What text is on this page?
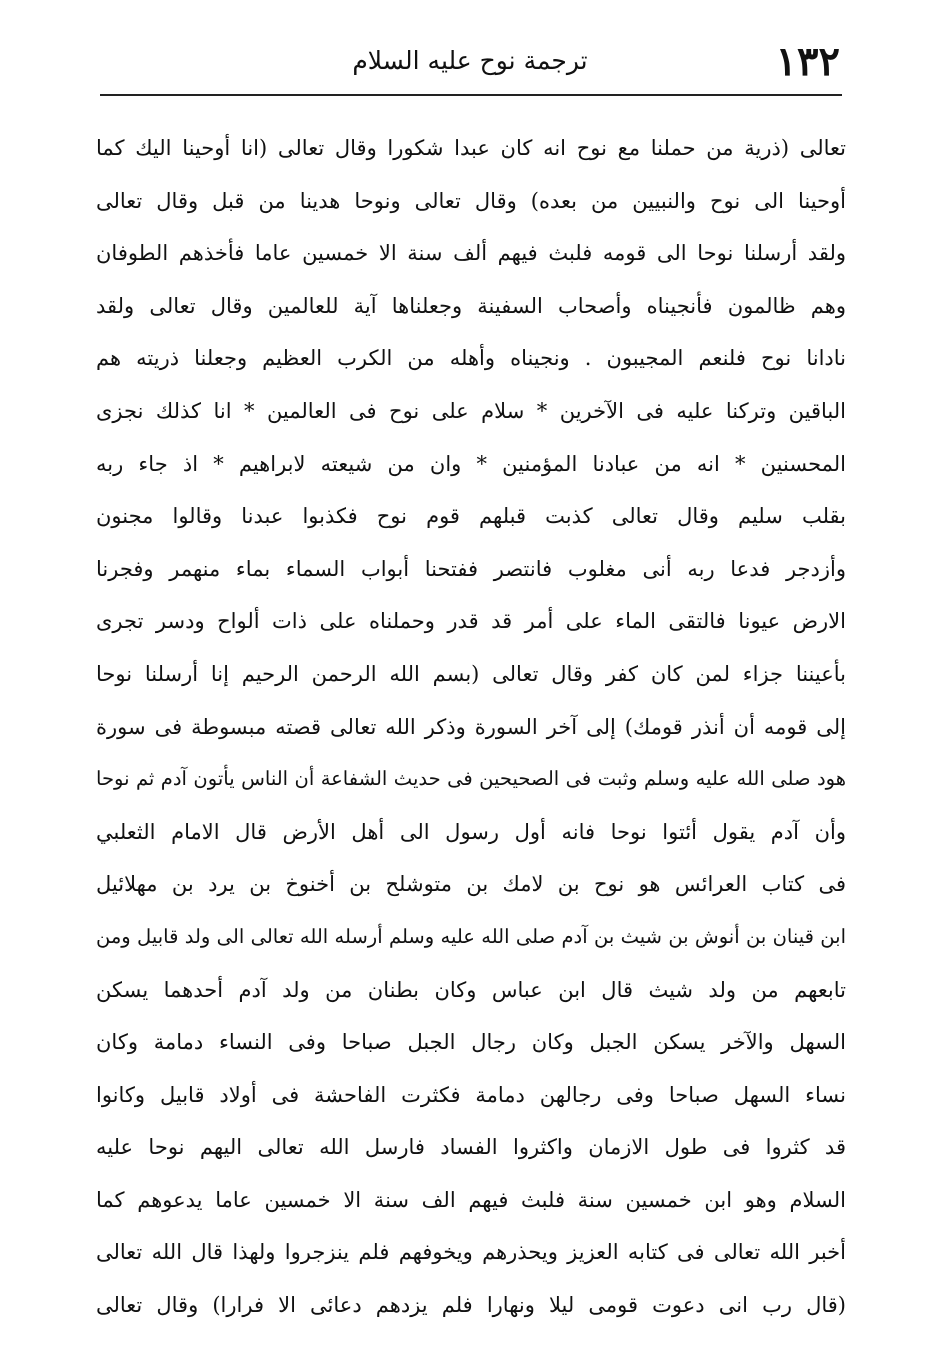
١٣٢
ترجمة نوح عليه السلام
تعالى (ذرية من حملنا مع نوح انه كان عبدا شكورا وقال تعالى (انا أوحينا اليك كما
أوحينا الى نوح والنبيين من بعده) وقال تعالى ونوحا هدينا من قبل وقال تعالى
ولقد أرسلنا نوحا الى قومه فلبث فيهم ألف سنة الا خمسين عاما فأخذهم الطوفان
وهم ظالمون فأنجيناه وأصحاب السفينة وجعلناها آية للعالمين وقال تعالى ولقد
نادانا نوح فلنعم المجيبون . ونجيناه وأهله من الكرب العظيم وجعلنا ذريته هم
الباقين وتركنا عليه فى الآخرين * سلام على نوح فى العالمين * انا كذلك نجزى
المحسنين * انه من عبادنا المؤمنين * وان من شيعته لابراهيم * اذ جاء ربه
بقلب سليم وقال تعالى كذبت قبلهم قوم نوح فكذبوا عبدنا وقالوا مجنون
وأزدجر فدعا ربه أنى مغلوب فانتصر ففتحنا أبواب السماء بماء منهمر وفجرنا
الارض عيونا فالتقى الماء على أمر قد قدر وحملناه على ذات ألواح ودسر تجرى
بأعيننا جزاء لمن كان كفر وقال تعالى (بسم الله الرحمن الرحيم إنا أرسلنا نوحا
إلى قومه أن أنذر قومك) إلى آخر السورة وذكر الله تعالى قصته مبسوطة فى سورة
هود صلى الله عليه وسلم وثبت فى الصحيحين فى حديث الشفاعة أن الناس يأتون آدم ثم نوحا
وأن آدم يقول أئتوا نوحا فانه أول رسول الى أهل الأرض قال الامام الثعلبي
فى كتاب العرائس هو نوح بن لامك بن متوشلح بن أخنوخ بن يرد بن مهلائيل
ابن قينان بن أنوش بن شيث بن آدم صلى الله عليه وسلم أرسله الله تعالى الى ولد قابيل ومن
تابعهم من ولد شيث قال ابن عباس وكان بطنان من ولد آدم أحدهما يسكن
السهل والآخر يسكن الجبل وكان رجال الجبل صباحا وفى النساء دمامة وكان
نساء السهل صباحا وفى رجالهن دمامة فكثرت الفاحشة فى أولاد قابيل وكانوا
قد كثروا فى طول الازمان واكثروا الفساد فارسل الله تعالى اليهم نوحا عليه
السلام وهو ابن خمسين سنة فلبث فيهم الف سنة الا خمسين عاما يدعوهم كما
أخبر الله تعالى فى كتابه العزيز ويحذرهم ويخوفهم فلم ينزجروا ولهذا قال الله تعالى
(قال رب انى دعوت قومى ليلا ونهارا فلم يزدهم دعائى الا فرارا) وقال تعالى
